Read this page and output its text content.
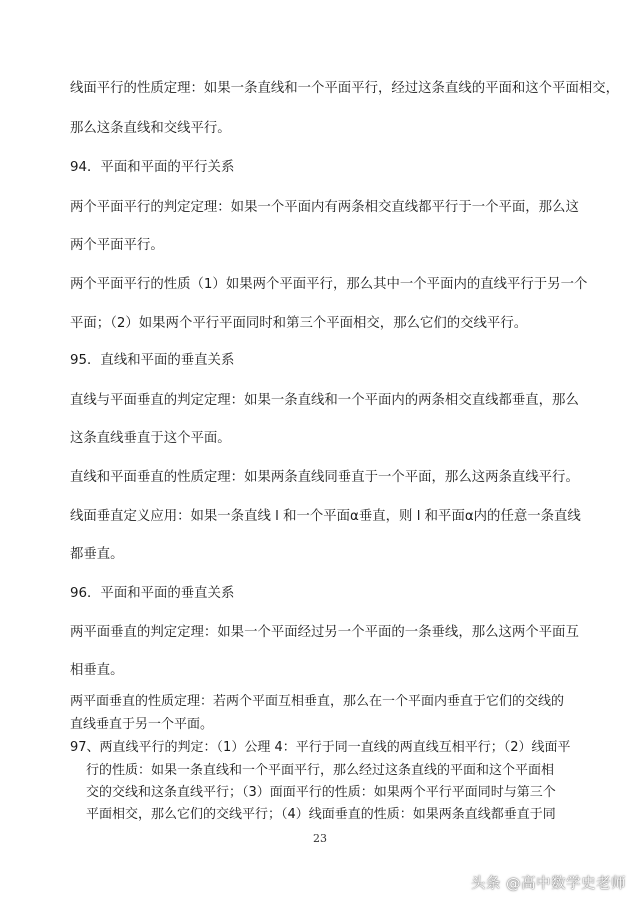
线面平行的性质定理：如果一条直线和一个平面平行，经过这条直线的平面和这个平面相交，

那么这条直线和交线平行。

94．平面和平面的平行关系

两个平面平行的判定定理：如果一个平面内有两条相交直线都平行于一个平面，那么这

两个平面平行。

两个平面平行的性质（1）如果两个平面平行，那么其中一个平面内的直线平行于另一个

平面；（2）如果两个平行平面同时和第三个平面相交，那么它们的交线平行。

95．直线和平面的垂直关系

直线与平面垂直的判定定理：如果一条直线和一个平面内的两条相交直线都垂直，那么

这条直线垂直于这个平面。

直线和平面垂直的性质定理：如果两条直线同垂直于一个平面，那么这两条直线平行。

线面垂直定义应用：如果一条直线 l 和一个平面α垂直，则 l 和平面α内的任意一条直线

都垂直。

96．平面和平面的垂直关系

两平面垂直的判定定理：如果一个平面经过另一个平面的一条垂线，那么这两个平面互

相垂直。

两平面垂直的性质定理：若两个平面互相垂直，那么在一个平面内垂直于它们的交线的

直线垂直于另一个平面。

97、两直线平行的判定：（1）公理 4：平行于同一直线的两直线互相平行；（2）线面平

行的性质：如果一条直线和一个平面平行，那么经过这条直线的平面和这个平面相

交的交线和这条直线平行；（3）面面平行的性质：如果两个平行平面同时与第三个

平面相交，那么它们的交线平行；（4）线面垂直的性质：如果两条直线都垂直于同

23
头条 @高中数学史老师
